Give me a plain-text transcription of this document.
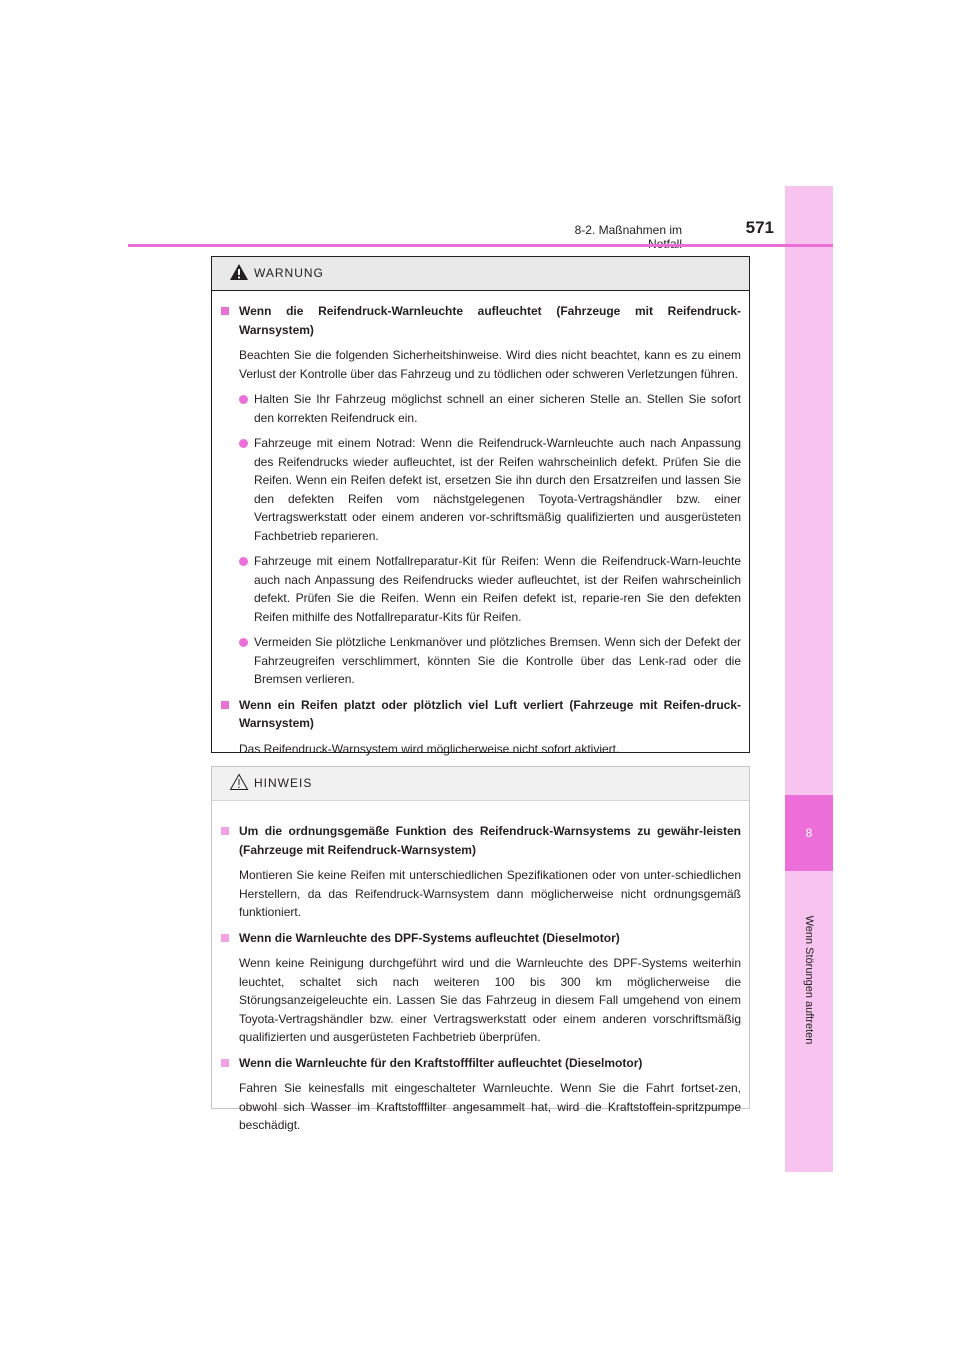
8
Wenn Störungen auftreten
8-2. Maßnahmen im	571
WARNUNG
Wenn die Reifendruck-Warnleuchte aufleuchtet (Fahrzeuge mit Reifendruck-Warnsystem)
Beachten Sie die folgenden Sicherheitshinweise. Wird dies nicht beachtet, kann es zu einem Verlust der Kontrolle über das Fahrzeug und zu tödlichen oder schweren Verletzungen führen.
Halten Sie Ihr Fahrzeug möglichst schnell an einer sicheren Stelle an. Stellen Sie sofort den korrekten Reifendruck ein.
Fahrzeuge mit einem Notrad: Wenn die Reifendruck-Warnleuchte auch nach Anpassung des Reifendrucks wieder aufleuchtet, ist der Reifen wahrscheinlich defekt. Prüfen Sie die Reifen. Wenn ein Reifen defekt ist, ersetzen Sie ihn durch den Ersatzreifen und lassen Sie den defekten Reifen vom nächstgelegenen Toyota-Vertragshändler bzw. einer Vertragswerkstatt oder einem anderen vor-schriftsmäßig qualifizierten und ausgerüsteten Fachbetrieb reparieren.
Fahrzeuge mit einem Notfallreparatur-Kit für Reifen: Wenn die Reifendruck-Warn-leuchte auch nach Anpassung des Reifendrucks wieder aufleuchtet, ist der Reifen wahrscheinlich defekt. Prüfen Sie die Reifen. Wenn ein Reifen defekt ist, reparie-ren Sie den defekten Reifen mithilfe des Notfallreparatur-Kits für Reifen.
Vermeiden Sie plötzliche Lenkmanöver und plötzliches Bremsen. Wenn sich der Defekt der Fahrzeugreifen verschlimmert, könnten Sie die Kontrolle über das Lenk-rad oder die Bremsen verlieren.
Wenn ein Reifen platzt oder plötzlich viel Luft verliert (Fahrzeuge mit Reifen-druck-Warnsystem)
Das Reifendruck-Warnsystem wird möglicherweise nicht sofort aktiviert.
HINWEIS
Um die ordnungsgemäße Funktion des Reifendruck-Warnsystems zu gewähr-leisten (Fahrzeuge mit Reifendruck-Warnsystem)
Montieren Sie keine Reifen mit unterschiedlichen Spezifikationen oder von unter-schiedlichen Herstellern, da das Reifendruck-Warnsystem dann möglicherweise nicht ordnungsgemäß funktioniert.
Wenn die Warnleuchte des DPF-Systems aufleuchtet (Dieselmotor)
Wenn keine Reinigung durchgeführt wird und die Warnleuchte des DPF-Systems weiterhin leuchtet, schaltet sich nach weiteren 100 bis 300 km möglicherweise die Störungsanzeigeleuchte ein. Lassen Sie das Fahrzeug in diesem Fall umgehend von einem Toyota-Vertragshändler bzw. einer Vertragswerkstatt oder einem anderen vorschriftsmäßig qualifizierten und ausgerüsteten Fachbetrieb überprüfen.
Wenn die Warnleuchte für den Kraftstofffilter aufleuchtet (Dieselmotor)
Fahren Sie keinesfalls mit eingeschalteter Warnleuchte. Wenn Sie die Fahrt fortset-zen, obwohl sich Wasser im Kraftstofffilter angesammelt hat, wird die Kraftstoffein-spritzpumpe beschädigt.
